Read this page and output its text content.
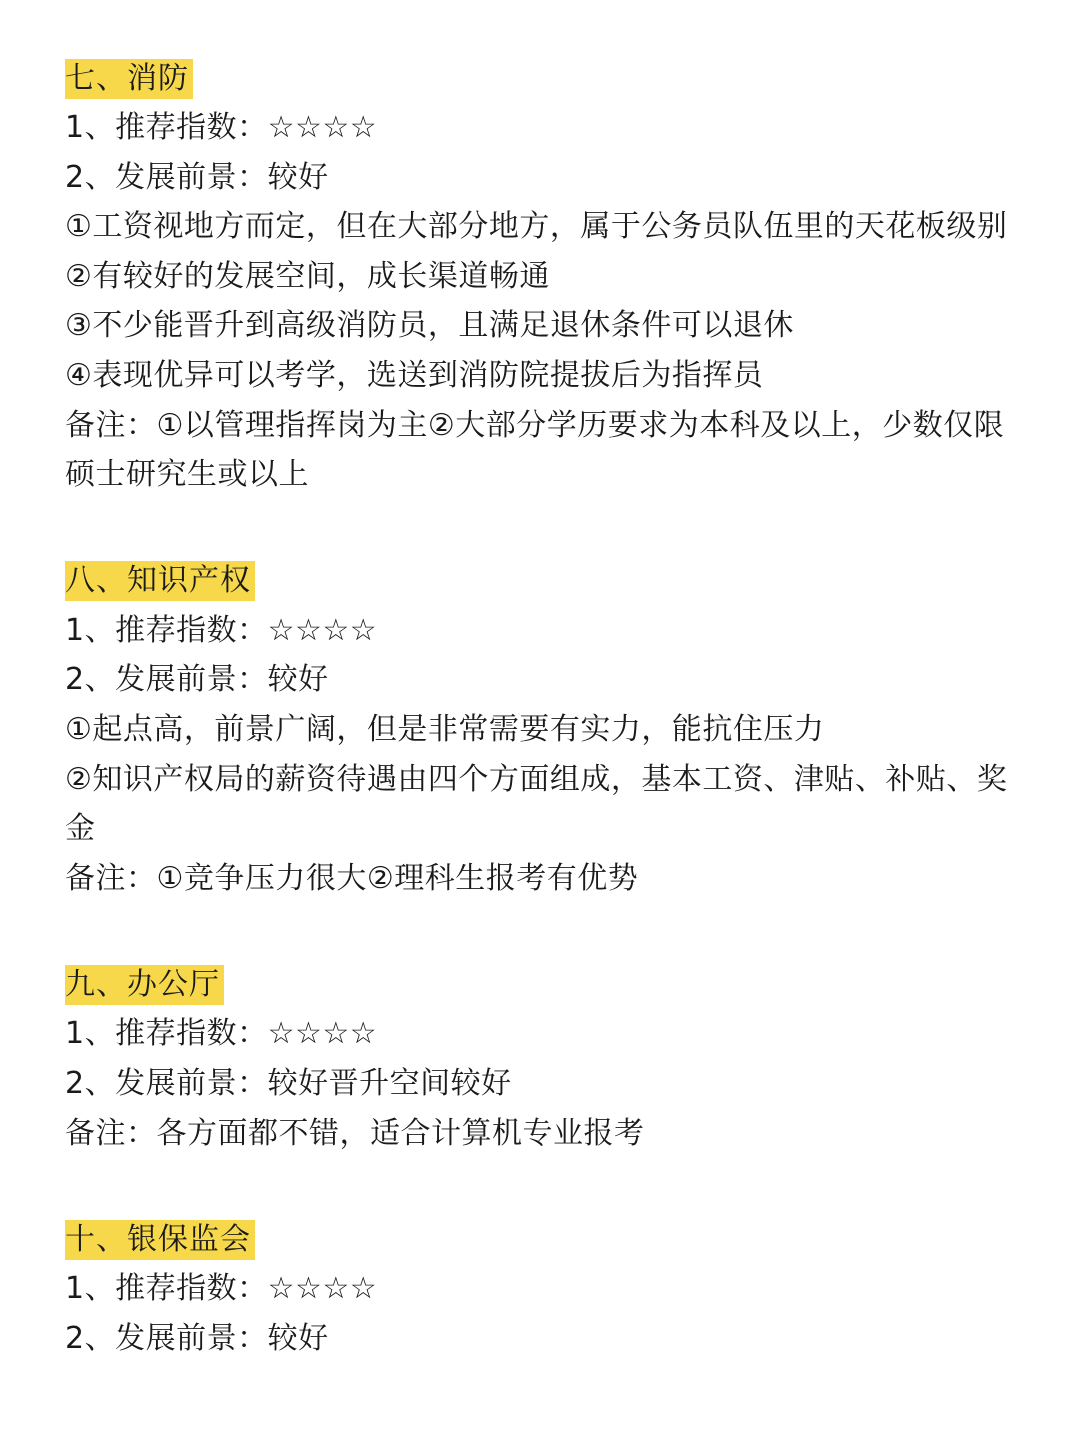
七、消防
1、推荐指数：☆☆☆☆
2、发展前景：较好
①工资视地方而定，但在大部分地方，属于公务员队伍里的天花板级别
②有较好的发展空间，成长渠道畅通
③不少能晋升到高级消防员，且满足退休条件可以退休
④表现优异可以考学，选送到消防院提拔后为指挥员
备注：①以管理指挥岗为主②大部分学历要求为本科及以上，少数仅限硕士研究生或以上
八、知识产权
1、推荐指数：☆☆☆☆
2、发展前景：较好
①起点高，前景广阔，但是非常需要有实力，能抗住压力
②知识产权局的薪资待遇由四个方面组成，基本工资、津贴、补贴、奖金
备注：①竞争压力很大②理科生报考有优势
九、办公厅
1、推荐指数：☆☆☆☆
2、发展前景：较好晋升空间较好
备注：各方面都不错，适合计算机专业报考
十、银保监会
1、推荐指数：☆☆☆☆
2、发展前景：较好
